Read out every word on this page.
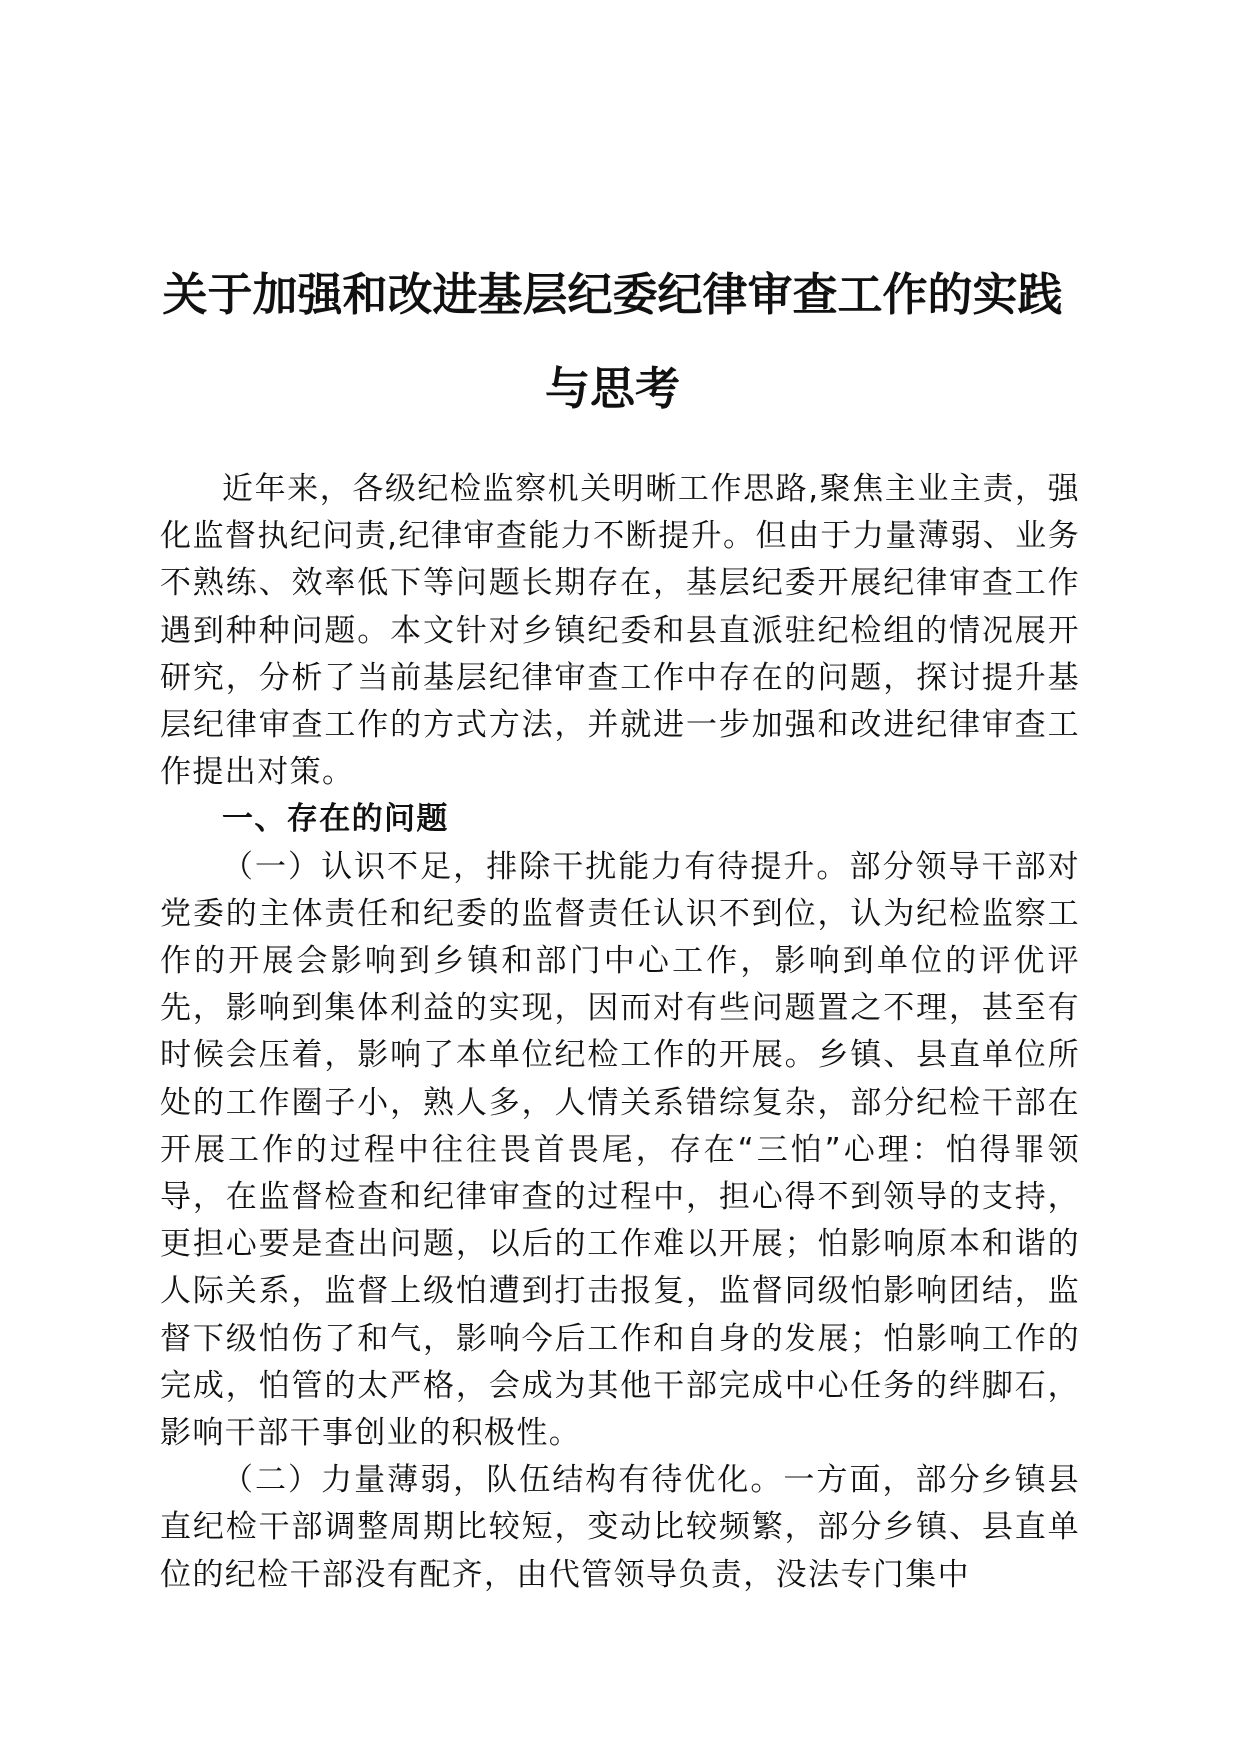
关于加强和改进基层纪委纪律审查工作的实践
与思考

近年来，各级纪检监察机关明晰工作思路,聚焦主业主责，强化监督执纪问责,纪律审查能力不断提升。但由于力量薄弱、业务不熟练、效率低下等问题长期存在，基层纪委开展纪律审查工作遇到种种问题。本文针对乡镇纪委和县直派驻纪检组的情况展开研究，分析了当前基层纪律审查工作中存在的问题，探讨提升基层纪律审查工作的方式方法，并就进一步加强和改进纪律审查工作提出对策。

一、存在的问题

（一）认识不足，排除干扰能力有待提升。部分领导干部对党委的主体责任和纪委的监督责任认识不到位，认为纪检监察工作的开展会影响到乡镇和部门中心工作，影响到单位的评优评先，影响到集体利益的实现，因而对有些问题置之不理，甚至有时候会压着，影响了本单位纪检工作的开展。乡镇、县直单位所处的工作圈子小，熟人多，人情关系错综复杂，部分纪检干部在开展工作的过程中往往畏首畏尾，存在“三怕”心理：怕得罪领导，在监督检查和纪律审查的过程中，担心得不到领导的支持，更担心要是查出问题，以后的工作难以开展；怕影响原本和谐的人际关系，监督上级怕遭到打击报复，监督同级怕影响团结，监督下级怕伤了和气，影响今后工作和自身的发展；怕影响工作的完成，怕管的太严格，会成为其他干部完成中心任务的绊脚石，影响干部干事创业的积极性。

（二）力量薄弱，队伍结构有待优化。一方面，部分乡镇县直纪检干部调整周期比较短，变动比较频繁，部分乡镇、县直单位的纪检干部没有配齐，由代管领导负责，没法专门集中
